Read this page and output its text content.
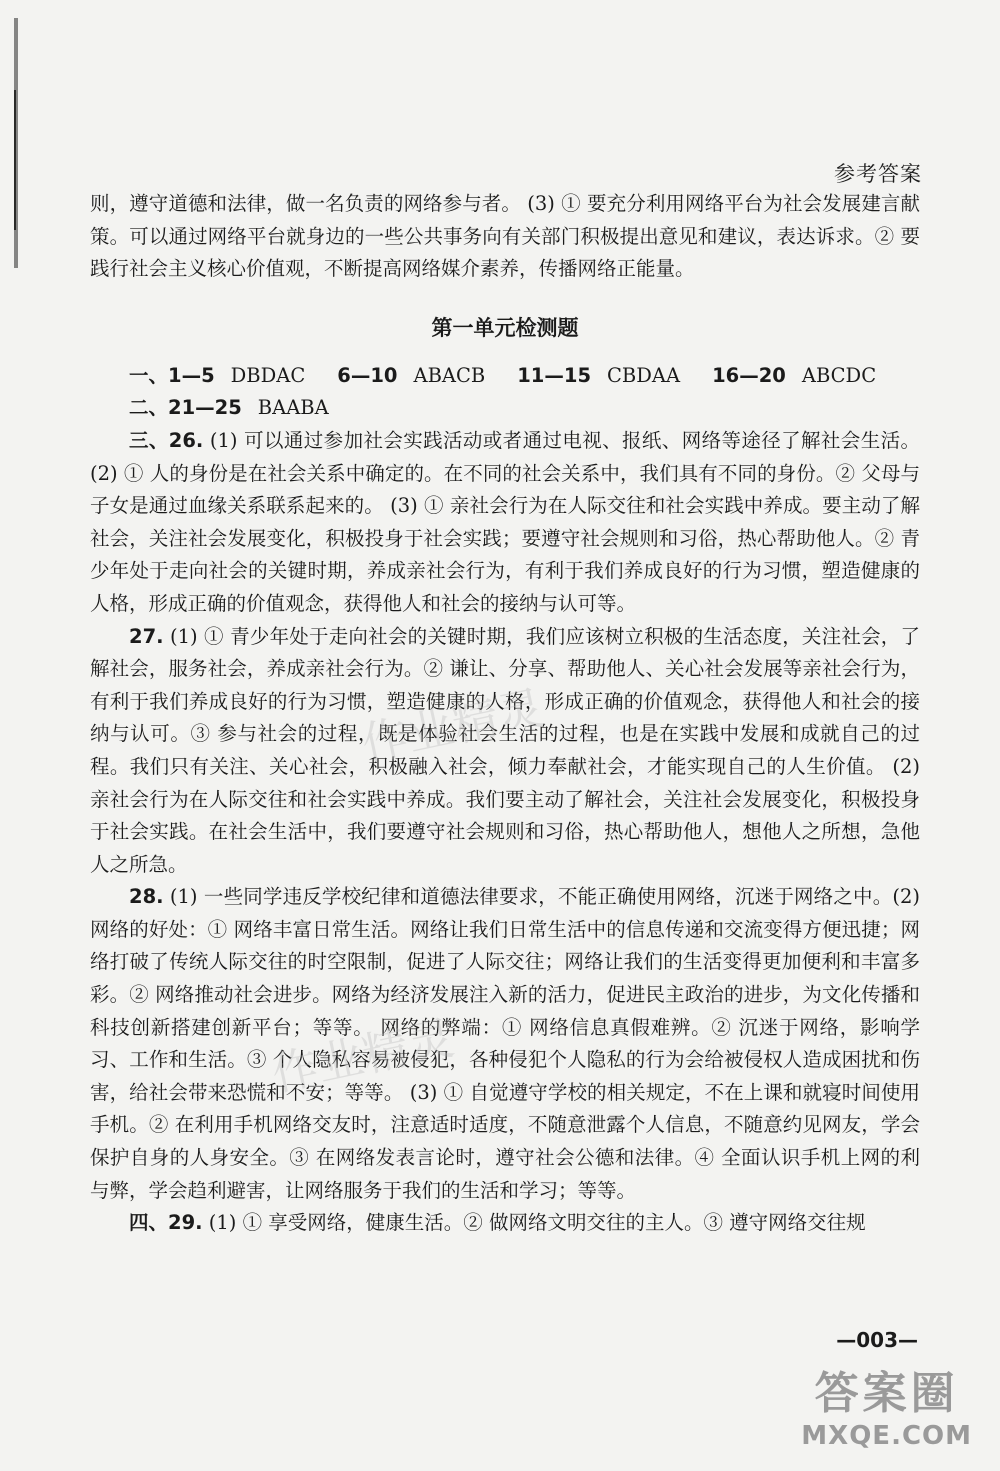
参考答案

则，遵守道德和法律，做一名负责的网络参与者。 (3) ① 要充分利用网络平台为社会发展建言献策。可以通过网络平台就身边的一些公共事务向有关部门积极提出意见和建议，表达诉求。② 要践行社会主义核心价值观，不断提高网络媒介素养，传播网络正能量。

第一单元检测题

一、1—5 DBDAC 6—10 ABACB 11—15 CBDAA 16—20 ABCDC

二、21—25 BAABA

三、26. (1) 可以通过参加社会实践活动或者通过电视、报纸、网络等途径了解社会生活。 (2) ① 人的身份是在社会关系中确定的。在不同的社会关系中，我们具有不同的身份。② 父母与子女是通过血缘关系联系起来的。 (3) ① 亲社会行为在人际交往和社会实践中养成。要主动了解社会，关注社会发展变化，积极投身于社会实践；要遵守社会规则和习俗，热心帮助他人。② 青少年处于走向社会的关键时期，养成亲社会行为，有利于我们养成良好的行为习惯，塑造健康的人格，形成正确的价值观念，获得他人和社会的接纳与认可等。

27. (1) ① 青少年处于走向社会的关键时期，我们应该树立积极的生活态度，关注社会，了解社会，服务社会，养成亲社会行为。② 谦让、分享、帮助他人、关心社会发展等亲社会行为，有利于我们养成良好的行为习惯，塑造健康的人格，形成正确的价值观念，获得他人和社会的接纳与认可。③ 参与社会的过程，既是体验社会生活的过程，也是在实践中发展和成就自己的过程。我们只有关注、关心社会，积极融入社会，倾力奉献社会，才能实现自己的人生价值。 (2) 亲社会行为在人际交往和社会实践中养成。我们要主动了解社会，关注社会发展变化，积极投身于社会实践。在社会生活中，我们要遵守社会规则和习俗，热心帮助他人，想他人之所想，急他人之所急。

28. (1) 一些同学违反学校纪律和道德法律要求，不能正确使用网络，沉迷于网络之中。(2) 网络的好处：① 网络丰富日常生活。网络让我们日常生活中的信息传递和交流变得方便迅捷；网络打破了传统人际交往的时空限制，促进了人际交往；网络让我们的生活变得更加便利和丰富多彩。② 网络推动社会进步。网络为经济发展注入新的活力，促进民主政治的进步，为文化传播和科技创新搭建创新平台；等等。 网络的弊端：① 网络信息真假难辨。② 沉迷于网络，影响学习、工作和生活。③ 个人隐私容易被侵犯，各种侵犯个人隐私的行为会给被侵权人造成困扰和伤害，给社会带来恐慌和不安；等等。 (3) ① 自觉遵守学校的相关规定，不在上课和就寝时间使用手机。② 在利用手机网络交友时，注意适时适度，不随意泄露个人信息，不随意约见网友，学会保护自身的人身安全。③ 在网络发表言论时，遵守社会公德和法律。④ 全面认识手机上网的利与弊，学会趋利避害，让网络服务于我们的生活和学习；等等。

四、29. (1) ① 享受网络，健康生活。② 做网络文明交往的主人。③ 遵守网络交往规

—003—
作业精灵
作业精灵
答案圈
MXQE.COM
